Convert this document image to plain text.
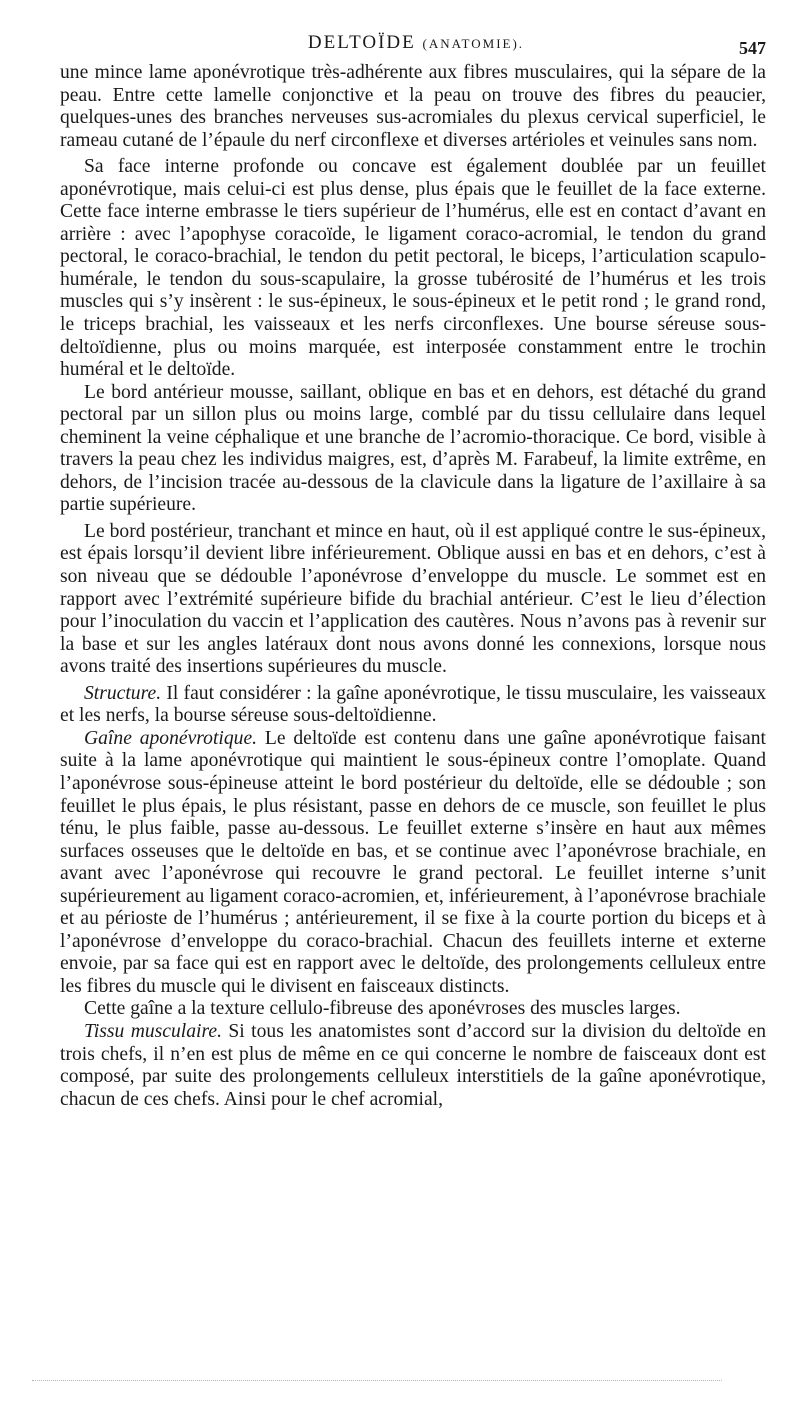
DELTOÏDE (ANATOMIE).	547

une mince lame aponévrotique très-adhérente aux fibres musculaires, qui la sépare de la peau. Entre cette lamelle conjonctive et la peau on trouve des fibres du peaucier, quelques-unes des branches nerveuses sus-acromiales du plexus cervical superficiel, le rameau cutané de l’épaule du nerf circonflexe et diverses artérioles et veinules sans nom.

Sa face interne profonde ou concave est également doublée par un feuillet aponévrotique, mais celui-ci est plus dense, plus épais que le feuillet de la face externe. Cette face interne embrasse le tiers supérieur de l’humérus, elle est en contact d’avant en arrière : avec l’apophyse coracoïde, le ligament coraco-acromial, le tendon du grand pectoral, le coraco-brachial, le tendon du petit pectoral, le biceps, l’articulation scapulo-humérale, le tendon du sous-scapulaire, la grosse tubérosité de l’humérus et les trois muscles qui s’y insèrent : le sus-épineux, le sous-épineux et le petit rond ; le grand rond, le triceps brachial, les vaisseaux et les nerfs circonflexes. Une bourse séreuse sous-deltoïdienne, plus ou moins marquée, est interposée constamment entre le trochin huméral et le deltoïde.

Le bord antérieur mousse, saillant, oblique en bas et en dehors, est détaché du grand pectoral par un sillon plus ou moins large, comblé par du tissu cellulaire dans lequel cheminent la veine céphalique et une branche de l’acromio-thoracique. Ce bord, visible à travers la peau chez les individus maigres, est, d’après M. Farabeuf, la limite extrême, en dehors, de l’incision tracée au-dessous de la clavicule dans la ligature de l’axillaire à sa partie supérieure.

Le bord postérieur, tranchant et mince en haut, où il est appliqué contre le sus-épineux, est épais lorsqu’il devient libre inférieurement. Oblique aussi en bas et en dehors, c’est à son niveau que se dédouble l’aponévrose d’enveloppe du muscle. Le sommet est en rapport avec l’extrémité supérieure bifide du brachial antérieur. C’est le lieu d’élection pour l’inoculation du vaccin et l’application des cautères. Nous n’avons pas à revenir sur la base et sur les angles latéraux dont nous avons donné les connexions, lorsque nous avons traité des insertions supérieures du muscle.

Structure. Il faut considérer : la gaîne aponévrotique, le tissu musculaire, les vaisseaux et les nerfs, la bourse séreuse sous-deltoïdienne.

Gaîne aponévrotique. Le deltoïde est contenu dans une gaîne aponévrotique faisant suite à la lame aponévrotique qui maintient le sous-épineux contre l’omoplate. Quand l’aponévrose sous-épineuse atteint le bord postérieur du deltoïde, elle se dédouble ; son feuillet le plus épais, le plus résistant, passe en dehors de ce muscle, son feuillet le plus ténu, le plus faible, passe au-dessous. Le feuillet externe s’insère en haut aux mêmes surfaces osseuses que le deltoïde en bas, et se continue avec l’aponévrose brachiale, en avant avec l’aponévrose qui recouvre le grand pectoral. Le feuillet interne s’unit supérieurement au ligament coraco-acromien, et, inférieurement, à l’aponévrose brachiale et au périoste de l’humérus ; antérieurement, il se fixe à la courte portion du biceps et à l’aponévrose d’enveloppe du coraco-brachial. Chacun des feuillets interne et externe envoie, par sa face qui est en rapport avec le deltoïde, des prolongements celluleux entre les fibres du muscle qui le divisent en faisceaux distincts.

Cette gaîne a la texture cellulo-fibreuse des aponévroses des muscles larges.

Tissu musculaire. Si tous les anatomistes sont d’accord sur la division du deltoïde en trois chefs, il n’en est plus de même en ce qui concerne le nombre de faisceaux dont est composé, par suite des prolongements celluleux interstitiels de la gaîne aponévrotique, chacun de ces chefs. Ainsi pour le chef acromial,
